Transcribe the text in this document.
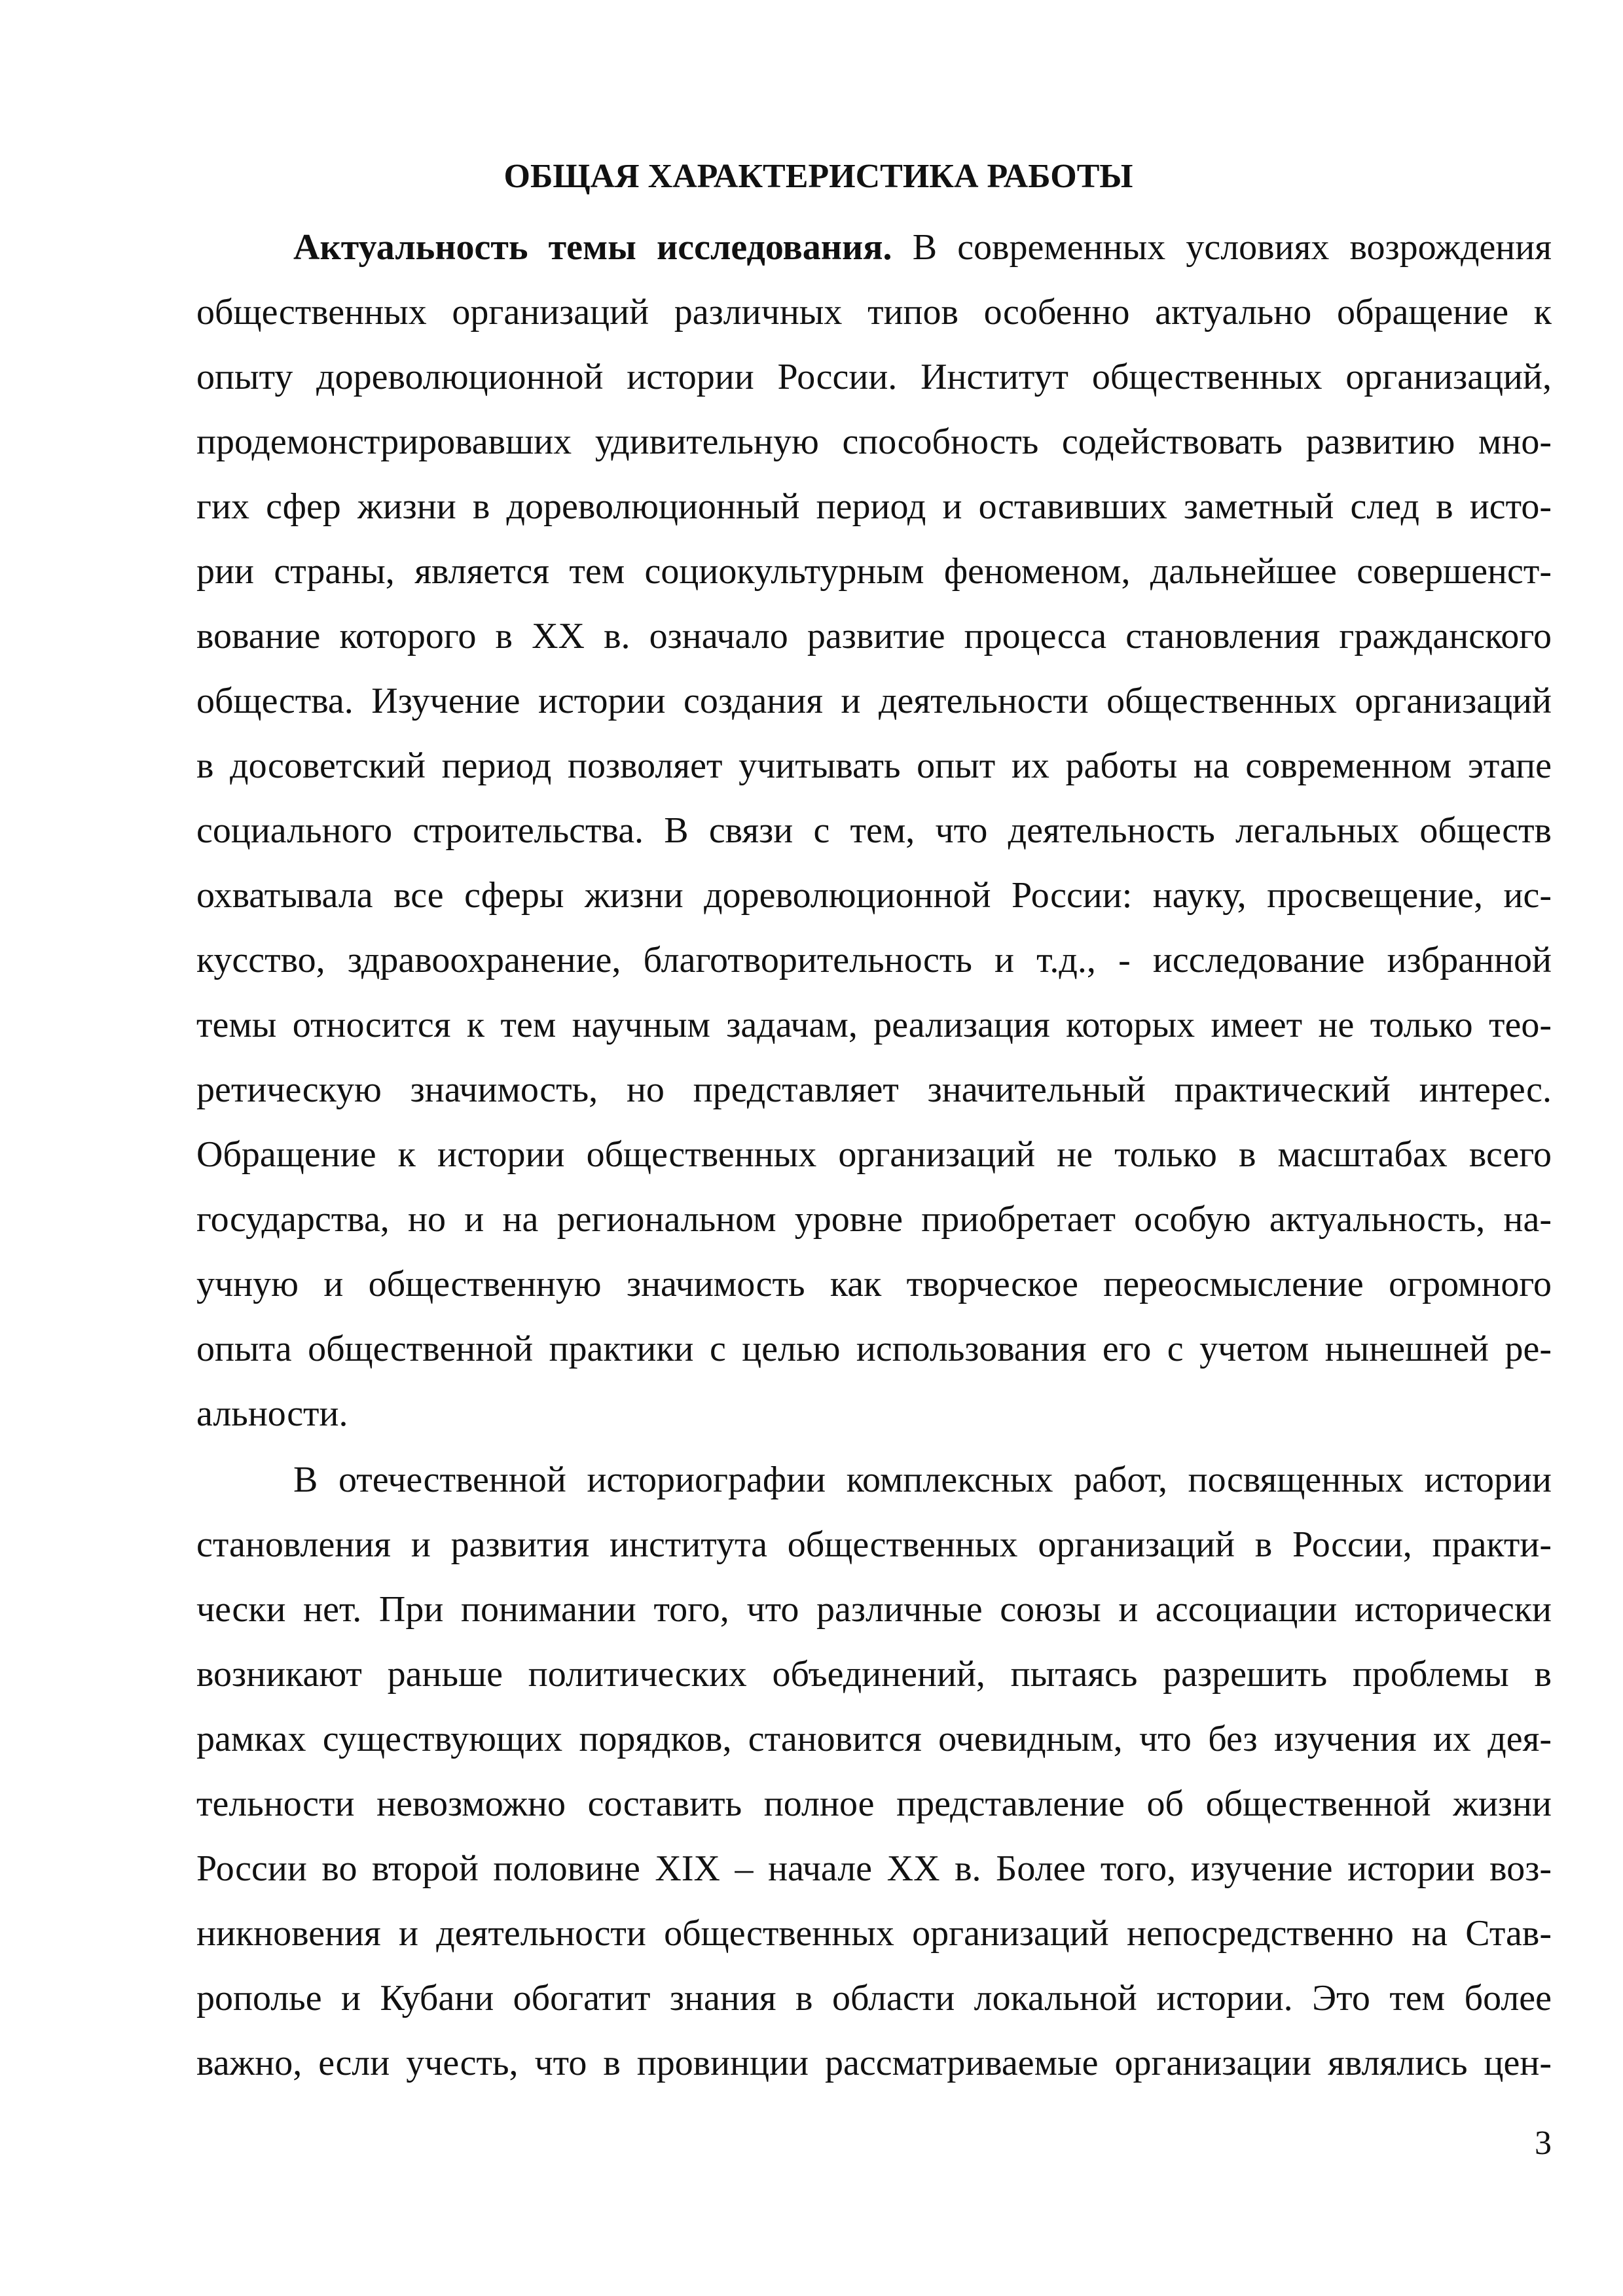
ОБЩАЯ ХАРАКТЕРИСТИКА РАБОТЫ

Актуальность темы исследования. В современных условиях возрождения

общественных организаций различных типов особенно актуально обращение к

опыту дореволюционной истории России. Институт общественных организаций,

продемонстрировавших удивительную способность содействовать развитию мно-

гих сфер жизни в дореволюционный период и оставивших заметный след в исто-

рии страны, является тем социокультурным феноменом, дальнейшее совершенст-

вование которого в XX в. означало развитие процесса становления гражданского

общества. Изучение истории создания и деятельности общественных организаций

в досоветский период позволяет учитывать опыт их работы на современном этапе

социального строительства. В связи с тем, что деятельность легальных обществ

охватывала все сферы жизни дореволюционной России: науку, просвещение, ис-

кусство, здравоохранение, благотворительность и т.д., - исследование избранной

темы относится к тем научным задачам, реализация которых имеет не только тео-

ретическую значимость, но представляет значительный практический интерес.

Обращение к истории общественных организаций не только в масштабах всего

государства, но и на региональном уровне приобретает особую актуальность, на-

учную и общественную значимость как творческое переосмысление огромного

опыта общественной практики с целью использования его с учетом нынешней ре-

альности.

В отечественной историографии комплексных работ, посвященных истории

становления и развития института общественных организаций в России, практи-

чески нет. При понимании того, что различные союзы и ассоциации исторически

возникают раньше политических объединений, пытаясь разрешить проблемы в

рамках существующих порядков, становится очевидным, что без изучения их дея-

тельности невозможно составить полное представление об общественной жизни

России во второй половине XIX – начале XX в. Более того, изучение истории воз-

никновения и деятельности общественных организаций непосредственно на Став-

рополье и Кубани обогатит знания в области локальной истории. Это тем более

важно, если учесть, что в провинции рассматриваемые организации являлись цен-

3
